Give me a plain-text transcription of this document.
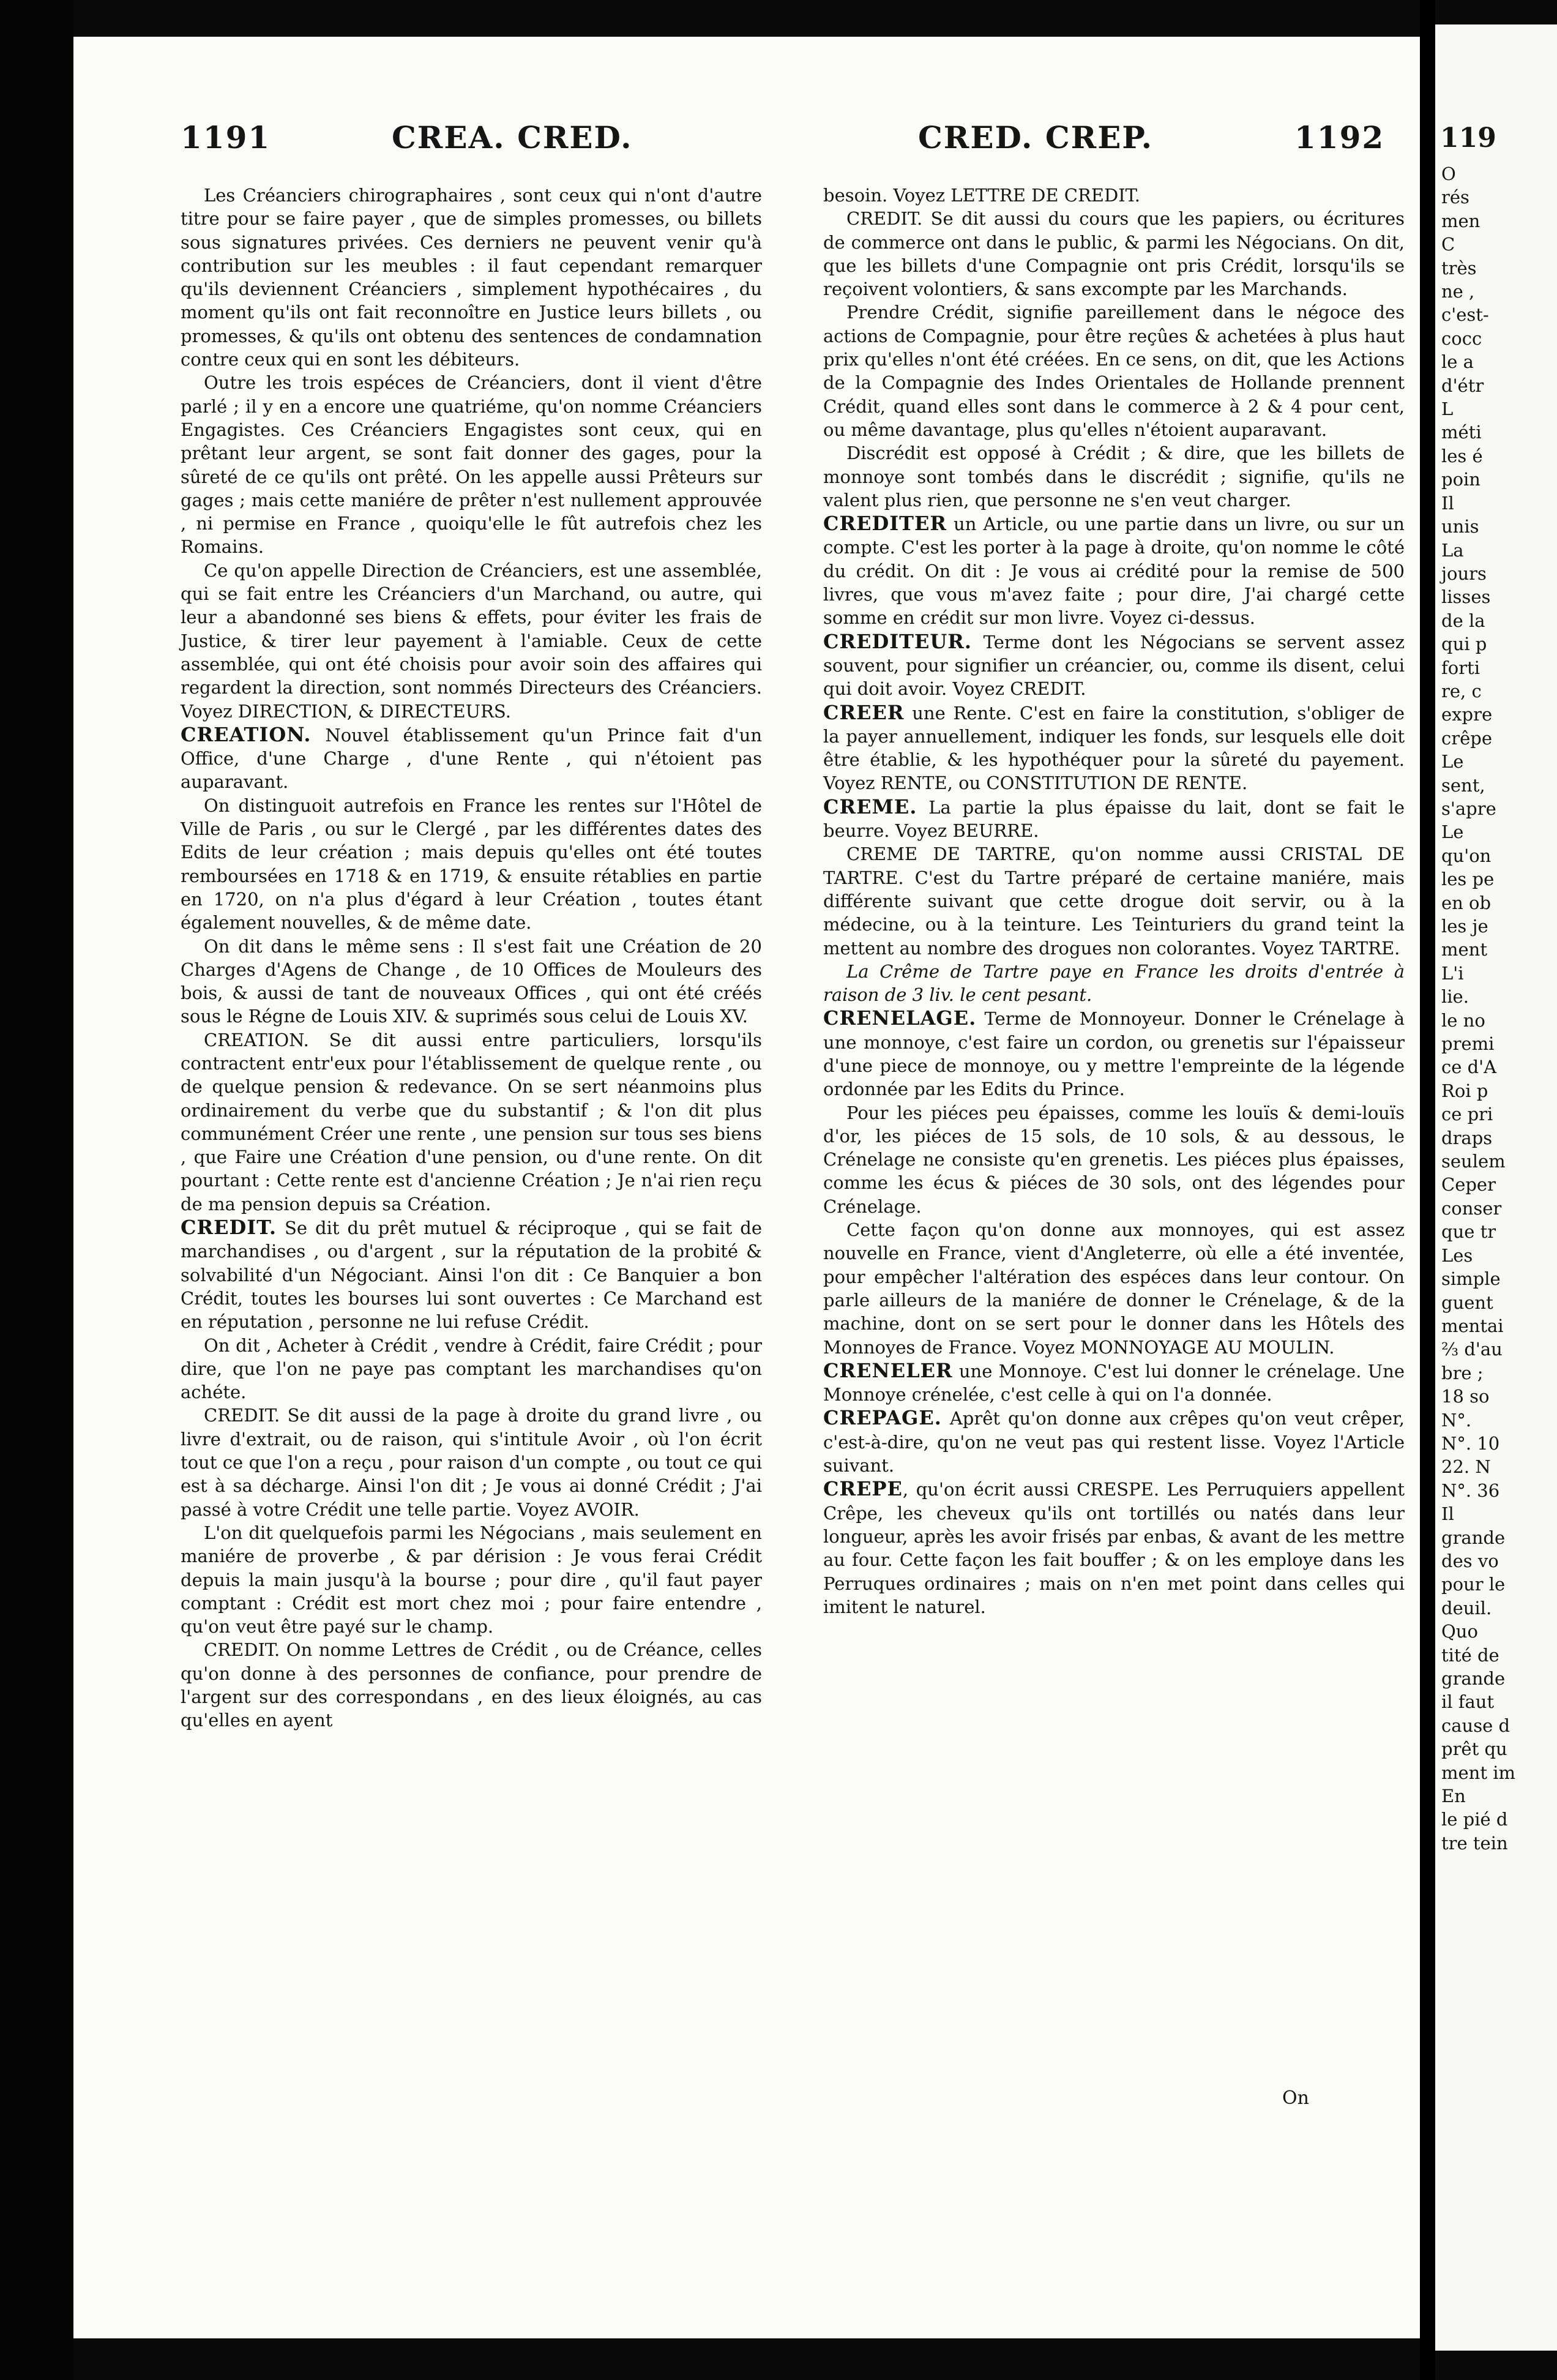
1191	CREA. CRED.	CRED. CREP.	1192

Les Créanciers chirographaires , sont ceux qui n'ont d'autre titre pour se faire payer , que de simples promesses, ou billets sous signatures privées. Ces derniers ne peuvent venir qu'à contribution sur les meubles : il faut cependant remarquer qu'ils deviennent Créanciers , simplement hypothécaires , du moment qu'ils ont fait reconnoître en Justice leurs billets , ou promesses, & qu'ils ont obtenu des sentences de condamnation contre ceux qui en sont les débiteurs.

Outre les trois espéces de Créanciers, dont il vient d'être parlé ; il y en a encore une quatriéme, qu'on nomme Créanciers Engagistes. Ces Créanciers Engagistes sont ceux, qui en prêtant leur argent, se sont fait donner des gages, pour la sûreté de ce qu'ils ont prêté. On les appelle aussi Prêteurs sur gages ; mais cette maniére de prêter n'est nullement approuvée , ni permise en France , quoiqu'elle le fût autrefois chez les Romains.

Ce qu'on appelle Direction de Créanciers, est une assemblée, qui se fait entre les Créanciers d'un Marchand, ou autre, qui leur a abandonné ses biens & effets, pour éviter les frais de Justice, & tirer leur payement à l'amiable. Ceux de cette assemblée, qui ont été choisis pour avoir soin des affaires qui regardent la direction, sont nommés Directeurs des Créanciers. Voyez DIRECTION, & DIRECTEURS.

CREATION. Nouvel établissement qu'un Prince fait d'un Office, d'une Charge , d'une Rente , qui n'étoient pas auparavant.

On distinguoit autrefois en France les rentes sur l'Hôtel de Ville de Paris , ou sur le Clergé , par les différentes dates des Edits de leur création ; mais depuis qu'elles ont été toutes remboursées en 1718 & en 1719, & ensuite rétablies en partie en 1720, on n'a plus d'égard à leur Création , toutes étant également nouvelles, & de même date.

On dit dans le même sens : Il s'est fait une Création de 20 Charges d'Agens de Change , de 10 Offices de Mouleurs des bois, & aussi de tant de nouveaux Offices , qui ont été créés sous le Régne de Louis XIV. & suprimés sous celui de Louis XV.

CREATION. Se dit aussi entre particuliers, lorsqu'ils contractent entr'eux pour l'établissement de quelque rente , ou de quelque pension & redevance. On se sert néanmoins plus ordinairement du verbe que du substantif ; & l'on dit plus communément Créer une rente , une pension sur tous ses biens , que Faire une Création d'une pension, ou d'une rente. On dit pourtant : Cette rente est d'ancienne Création ; Je n'ai rien reçu de ma pension depuis sa Création.

CREDIT. Se dit du prêt mutuel & réciproque , qui se fait de marchandises , ou d'argent , sur la réputation de la probité & solvabilité d'un Négociant. Ainsi l'on dit : Ce Banquier a bon Crédit, toutes les bourses lui sont ouvertes : Ce Marchand est en réputation , personne ne lui refuse Crédit.

On dit , Acheter à Crédit , vendre à Crédit, faire Crédit ; pour dire, que l'on ne paye pas comptant les marchandises qu'on achéte.

CREDIT. Se dit aussi de la page à droite du grand livre , ou livre d'extrait, ou de raison, qui s'intitule Avoir , où l'on écrit tout ce que l'on a reçu , pour raison d'un compte , ou tout ce qui est à sa décharge. Ainsi l'on dit ; Je vous ai donné Crédit ; J'ai passé à votre Crédit une telle partie. Voyez AVOIR.

L'on dit quelquefois parmi les Négocians , mais seulement en maniére de proverbe , & par dérision : Je vous ferai Crédit depuis la main jusqu'à la bourse ; pour dire , qu'il faut payer comptant : Crédit est mort chez moi ; pour faire entendre , qu'on veut être payé sur le champ.

CREDIT. On nomme Lettres de Crédit , ou de Créance, celles qu'on donne à des personnes de confiance, pour prendre de l'argent sur des correspondans , en des lieux éloignés, au cas qu'elles en ayent

besoin. Voyez LETTRE DE CREDIT.

CREDIT. Se dit aussi du cours que les papiers, ou écritures de commerce ont dans le public, & parmi les Négocians. On dit, que les billets d'une Compagnie ont pris Crédit, lorsqu'ils se reçoivent volontiers, & sans excompte par les Marchands.

Prendre Crédit, signifie pareillement dans le négoce des actions de Compagnie, pour être reçûes & achetées à plus haut prix qu'elles n'ont été créées. En ce sens, on dit, que les Actions de la Compagnie des Indes Orientales de Hollande prennent Crédit, quand elles sont dans le commerce à 2 & 4 pour cent, ou même davantage, plus qu'elles n'étoient auparavant.

Discrédit est opposé à Crédit ; & dire, que les billets de monnoye sont tombés dans le discrédit ; signifie, qu'ils ne valent plus rien, que personne ne s'en veut charger.

CREDITER un Article, ou une partie dans un livre, ou sur un compte. C'est les porter à la page à droite, qu'on nomme le côté du crédit. On dit : Je vous ai crédité pour la remise de 500 livres, que vous m'avez faite ; pour dire, J'ai chargé cette somme en crédit sur mon livre. Voyez ci-dessus.

CREDITEUR. Terme dont les Négocians se servent assez souvent, pour signifier un créancier, ou, comme ils disent, celui qui doit avoir. Voyez CREDIT.

CREER une Rente. C'est en faire la constitution, s'obliger de la payer annuellement, indiquer les fonds, sur lesquels elle doit être établie, & les hypothéquer pour la sûreté du payement. Voyez RENTE, ou CONSTITUTION DE RENTE.

CREME. La partie la plus épaisse du lait, dont se fait le beurre. Voyez BEURRE.

CREME DE TARTRE, qu'on nomme aussi CRISTAL DE TARTRE. C'est du Tartre préparé de certaine maniére, mais différente suivant que cette drogue doit servir, ou à la médecine, ou à la teinture. Les Teinturiers du grand teint la mettent au nombre des drogues non colorantes. Voyez TARTRE.

La Crême de Tartre paye en France les droits d'entrée à raison de 3 liv. le cent pesant.

CRENELAGE. Terme de Monnoyeur. Donner le Crénelage à une monnoye, c'est faire un cordon, ou grenetis sur l'épaisseur d'une piece de monnoye, ou y mettre l'empreinte de la légende ordonnée par les Edits du Prince.

Pour les piéces peu épaisses, comme les louïs & demi-louïs d'or, les piéces de 15 sols, de 10 sols, & au dessous, le Crénelage ne consiste qu'en grenetis. Les piéces plus épaisses, comme les écus & piéces de 30 sols, ont des légendes pour Crénelage.

Cette façon qu'on donne aux monnoyes, qui est assez nouvelle en France, vient d'Angleterre, où elle a été inventée, pour empêcher l'altération des espéces dans leur contour. On parle ailleurs de la maniére de donner le Crénelage, & de la machine, dont on se sert pour le donner dans les Hôtels des Monnoyes de France. Voyez MONNOYAGE AU MOULIN.

CRENELER une Monnoye. C'est lui donner le crénelage. Une Monnoye crénelée, c'est celle à qui on l'a donnée.

CREPAGE. Aprêt qu'on donne aux crêpes qu'on veut crêper, c'est-à-dire, qu'on ne veut pas qui restent lisse. Voyez l'Article suivant.

CREPE, qu'on écrit aussi CRESPE. Les Perruquiers appellent Crêpe, les cheveux qu'ils ont tortillés ou natés dans leur longueur, après les avoir frisés par enbas, & avant de les mettre au four. Cette façon les fait bouffer ; & on les employe dans les Perruques ordinaires ; mais on n'en met point dans celles qui imitent le naturel.

On
119
O
rés
men
C
très
ne ,
c'est-
cocc
le a
d'étr
L
méti
les é
poin
Il
unis
La
jours
lisses
de la
qui p
forti
re, c
expre
crêpe
Le
sent,
s'apre
Le
qu'on
les pe
en ob
les je
ment
L'i
lie.
le no
premi
ce d'A
Roi p
ce pri
draps
seulem
Ceper
conser
que tr
Les
simple
guent
mentai
⅔ d'au
bre ;
18 so
N°.
N°. 10
22. N
N°. 36
Il
grande
des vo
pour le
deuil.
Quo
tité de
grande
il faut
cause d
prêt qu
ment im
En
le pié d
tre tein
